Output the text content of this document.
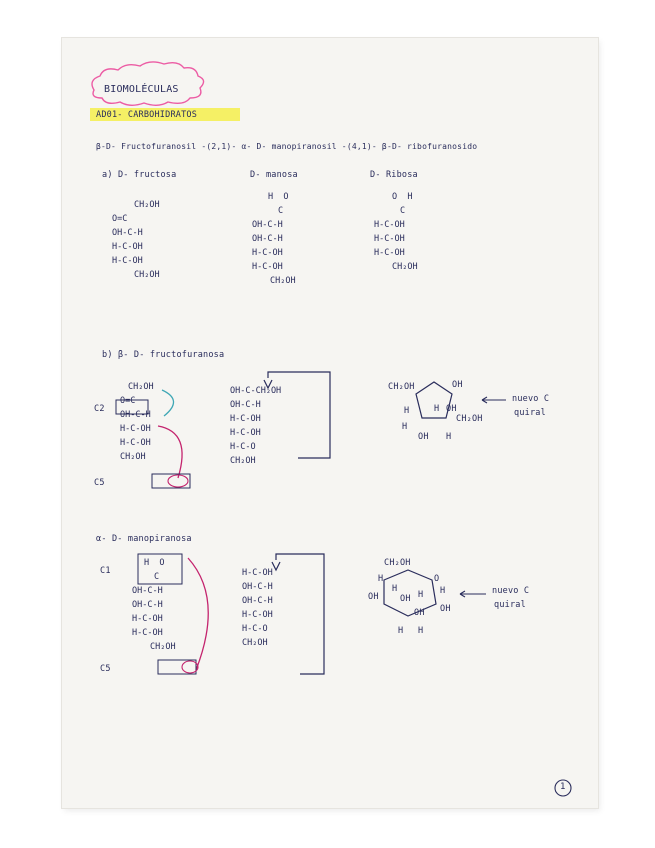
BIOMOLÉCULAS
AD01- CARBOHIDRATOS
β-D- Fructofuranosil -(2,1)- α- D- manopiranosil -(4,1)- β-D- ribofuranosido
a) D- fructosa
CH₂OH
O=C
OH-C-H
H-C-OH
H-C-OH
CH₂OH
D- manosa
H  O
C
OH-C-H
OH-C-H
H-C-OH
H-C-OH
CH₂OH
D- Ribosa
O  H
C
H-C-OH
H-C-OH
H-C-OH
CH₂OH
b) β- D- fructofuranosa
C2
C5
CH₂OH
O=C
OH-C-H
H-C-OH
H-C-OH
CH₂OH
OH-C-CH₂OH
OH-C-H
H-C-OH
H-C-OH
H-C-O
CH₂OH
CH₂OH	OH
H	H OH
CH₂OH
OH
H
H
nuevo C
quiral
α- D- manopiranosa
C1
C5
H  O
C
OH-C-H
OH-C-H
H-C-OH
H-C-OH
CH₂OH
H-C-OH
OH-C-H
OH-C-H
H-C-OH
H-C-O
CH₂OH
CH₂OH
H	O
H
OH
OH
H
OH H
OH
H H
nuevo C
quiral
1
